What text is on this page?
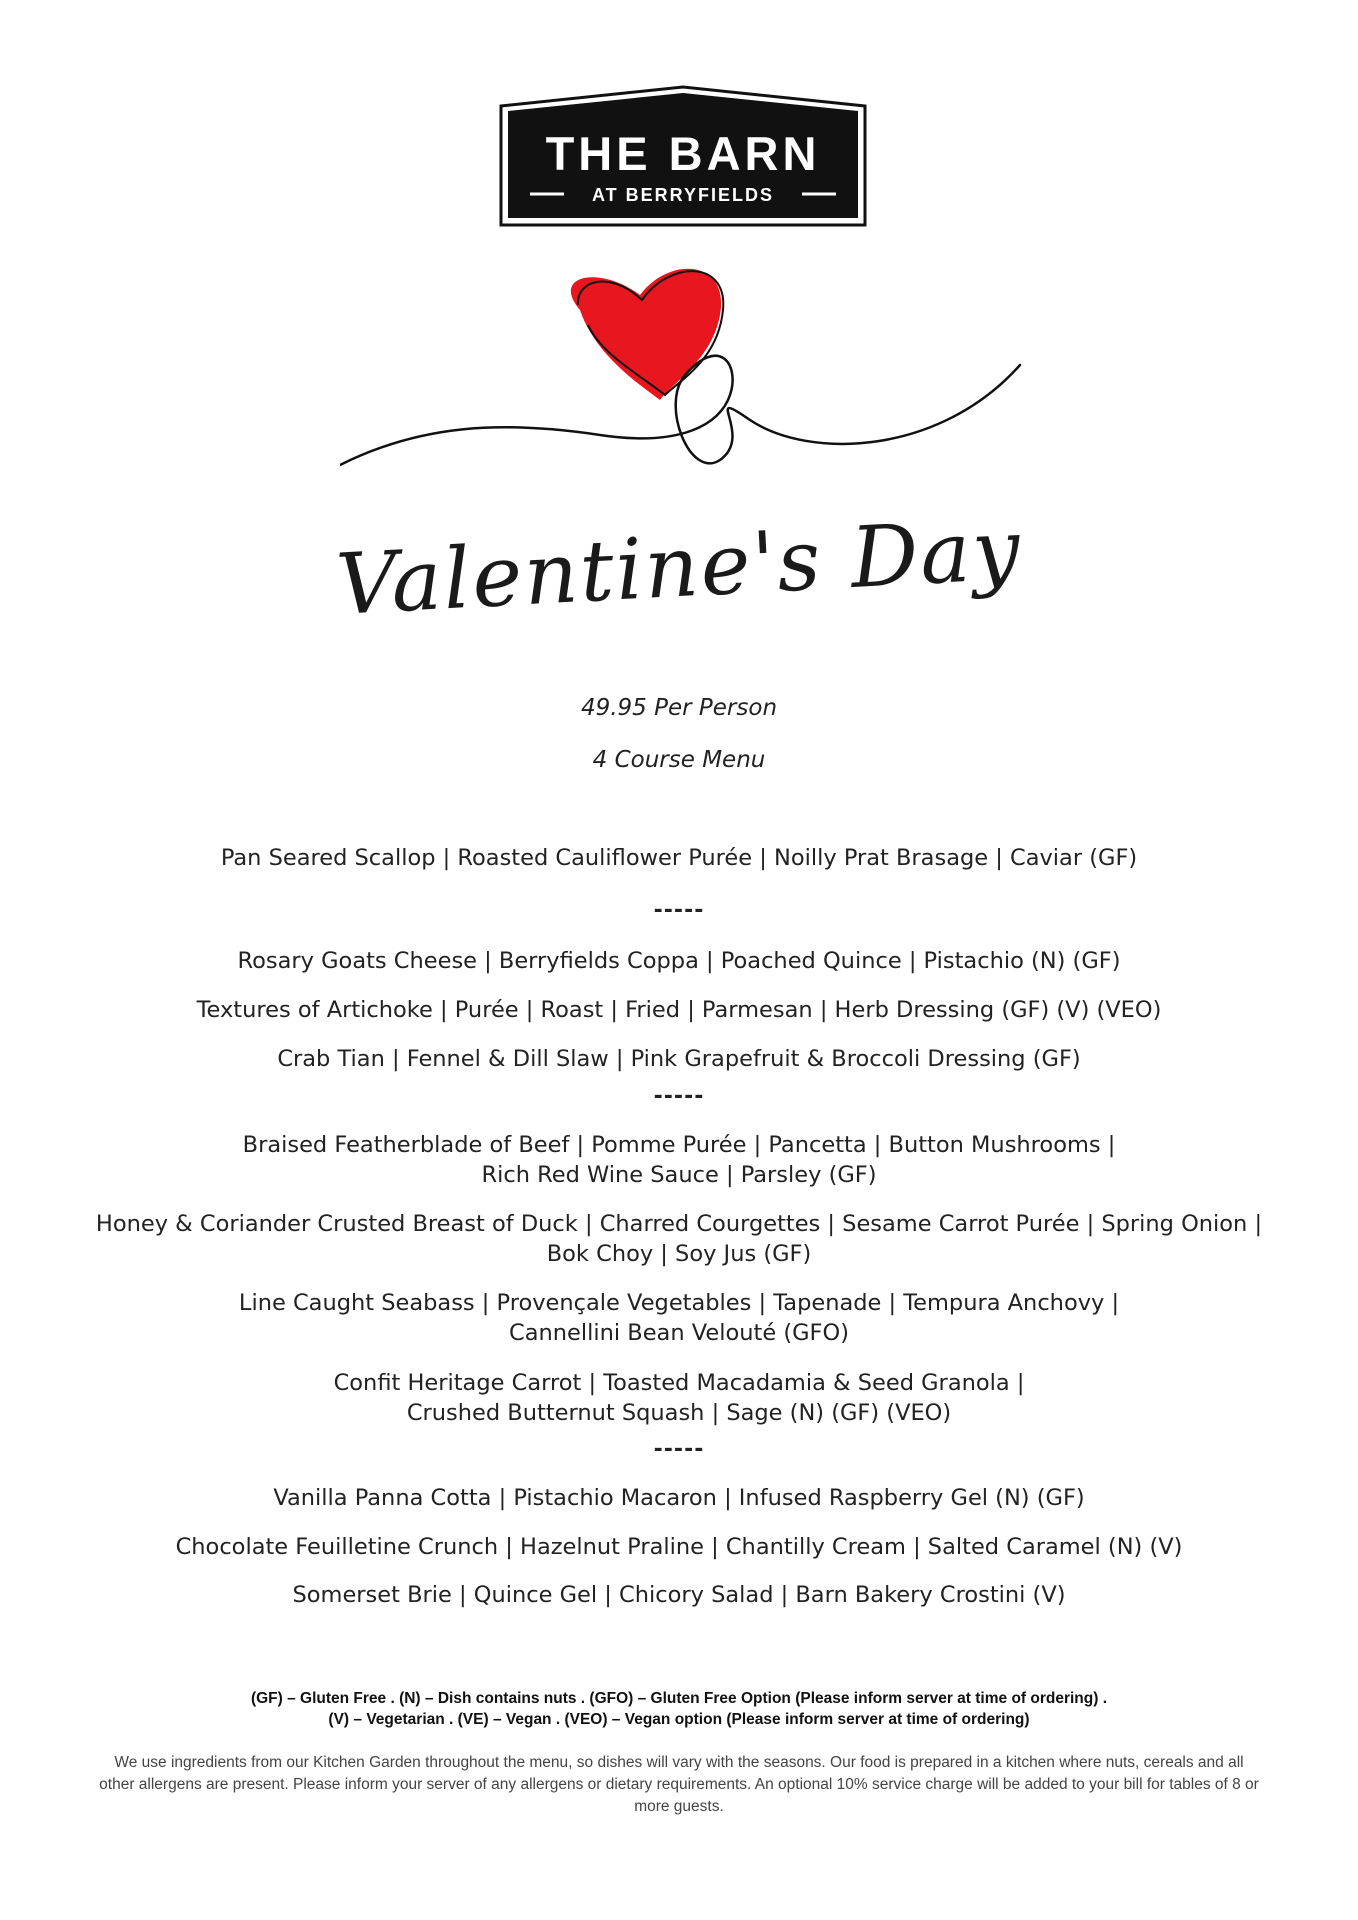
THE BARN
AT BERRYFIELDS
Valentine's Day
49.95 Per Person
4 Course Menu
Pan Seared Scallop | Roasted Cauliflower Purée | Noilly Prat Brasage | Caviar (GF)
-----
Rosary Goats Cheese | Berryfields Coppa | Poached Quince | Pistachio (N) (GF)
Textures of Artichoke | Purée | Roast | Fried | Parmesan | Herb Dressing (GF) (V) (VEO)
Crab Tian | Fennel & Dill Slaw | Pink Grapefruit & Broccoli Dressing (GF)
-----
Braised Featherblade of Beef | Pomme Purée | Pancetta | Button Mushrooms |
Rich Red Wine Sauce | Parsley (GF)
Honey & Coriander Crusted Breast of Duck | Charred Courgettes | Sesame Carrot Purée | Spring Onion |
Bok Choy | Soy Jus (GF)
Line Caught Seabass | Provençale Vegetables | Tapenade | Tempura Anchovy |
Cannellini Bean Velouté (GFO)
Confit Heritage Carrot | Toasted Macadamia & Seed Granola |
Crushed Butternut Squash | Sage (N) (GF) (VEO)
-----
Vanilla Panna Cotta | Pistachio Macaron | Infused Raspberry Gel (N) (GF)
Chocolate Feuilletine Crunch | Hazelnut Praline | Chantilly Cream | Salted Caramel (N) (V)
Somerset Brie | Quince Gel | Chicory Salad | Barn Bakery Crostini (V)
(GF) – Gluten Free . (N) – Dish contains nuts . (GFO) – Gluten Free Option (Please inform server at time of ordering) .
(V) – Vegetarian . (VE) – Vegan . (VEO) – Vegan option (Please inform server at time of ordering)
We use ingredients from our Kitchen Garden throughout the menu, so dishes will vary with the seasons. Our food is prepared in a kitchen where nuts, cereals and all other allergens are present. Please inform your server of any allergens or dietary requirements. An optional 10% service charge will be added to your bill for tables of 8 or more guests.
